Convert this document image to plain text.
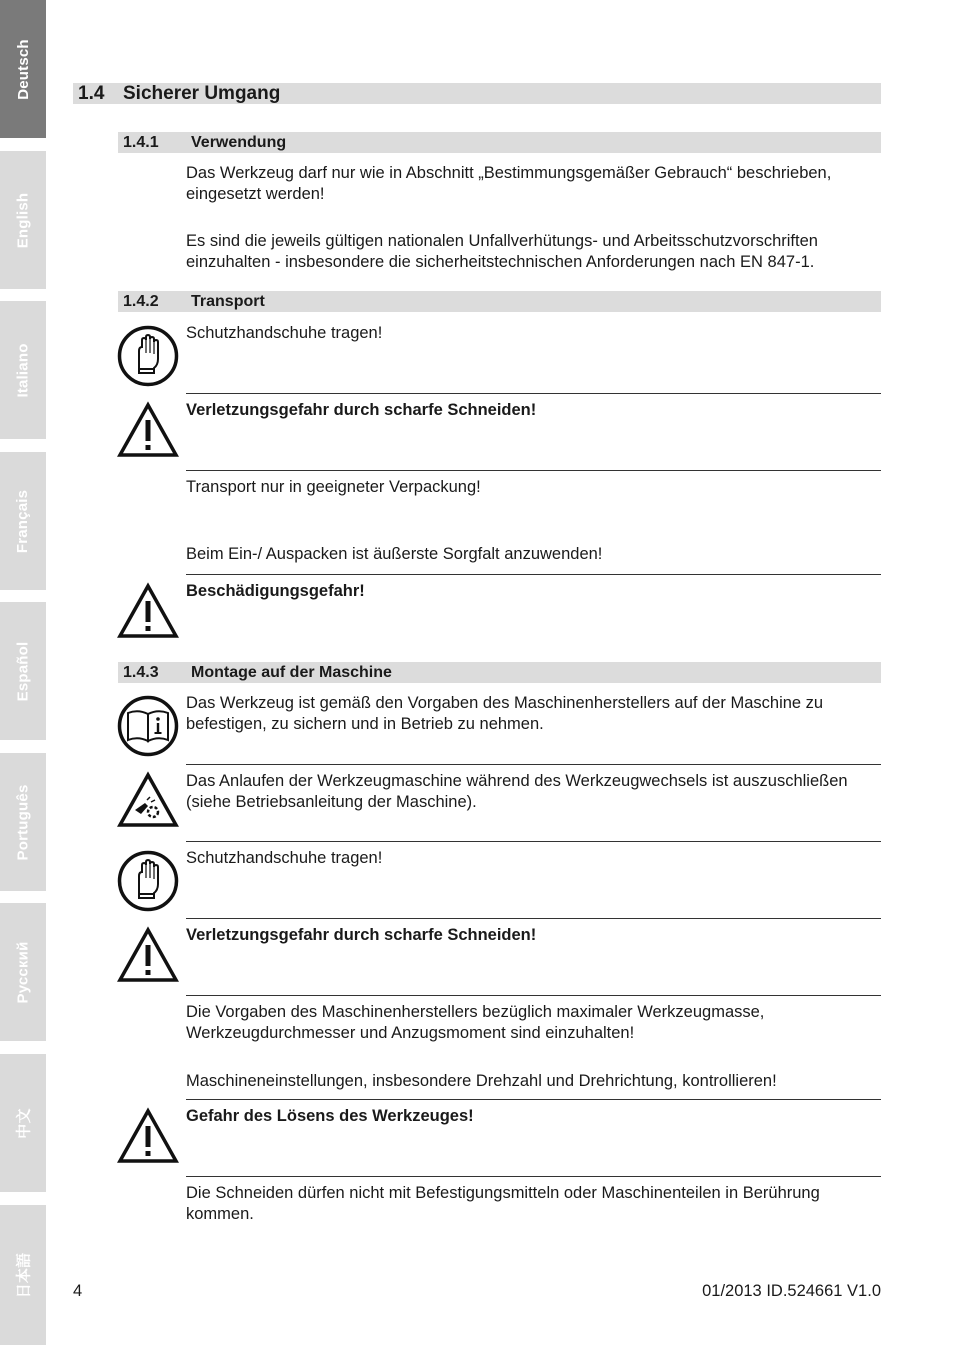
Deutsch
English
Italiano
Français
Español
Português
Русский
中文
日本語
1.4 Sicherer Umgang
1.4.1 Verwendung
Das Werkzeug darf nur wie in Abschnitt „Bestimmungsgemäßer Gebrauch“ beschrieben, eingesetzt werden!
Es sind die jeweils gültigen nationalen Unfallverhütungs- und Arbeitsschutzvorschriften einzuhalten - insbesondere die sicherheitstechnischen Anforderungen nach EN 847-1.
1.4.2 Transport
Schutzhandschuhe tragen!
Verletzungsgefahr durch scharfe Schneiden!
Transport nur in geeigneter Verpackung!
Beim Ein-/ Auspacken ist äußerste Sorgfalt anzuwenden!
Beschädigungsgefahr!
1.4.3 Montage auf der Maschine
Das Werkzeug ist gemäß den Vorgaben des Maschinenherstellers auf der Maschine zu befestigen, zu sichern und in Betrieb zu nehmen.
Das Anlaufen der Werkzeugmaschine während des Werkzeugwechsels ist auszuschließen (siehe Betriebsanleitung der Maschine).
Schutzhandschuhe tragen!
Verletzungsgefahr durch scharfe Schneiden!
Die Vorgaben des Maschinenherstellers bezüglich maximaler Werkzeugmasse, Werkzeugdurchmesser und Anzugsmoment sind einzuhalten!
Maschineneinstellungen, insbesondere Drehzahl und Drehrichtung, kontrollieren!
Gefahr des Lösens des Werkzeuges!
Die Schneiden dürfen nicht mit Befestigungsmitteln oder Maschinenteilen in Berührung kommen.
4	01/2013 ID.524661 V1.0
